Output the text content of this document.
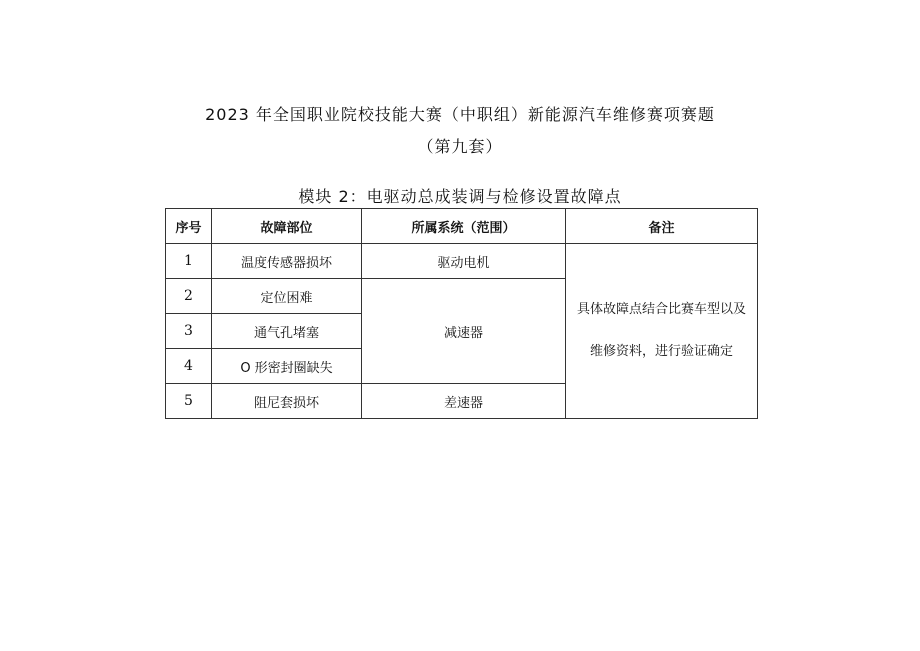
2023 年全国职业院校技能大赛（中职组）新能源汽车维修赛项赛题
（第九套）
模块 2：电驱动总成装调与检修设置故障点
序号	故障部位	所属系统（范围）	备注
1	温度传感器损坏	驱动电机	具体故障点结合比赛车型以及
维修资料，进行验证确定

2	定位困难	减速器	
3	通气孔堵塞		
4	O 形密封圈缺失		
5	阻尼套损坏	差速器	
